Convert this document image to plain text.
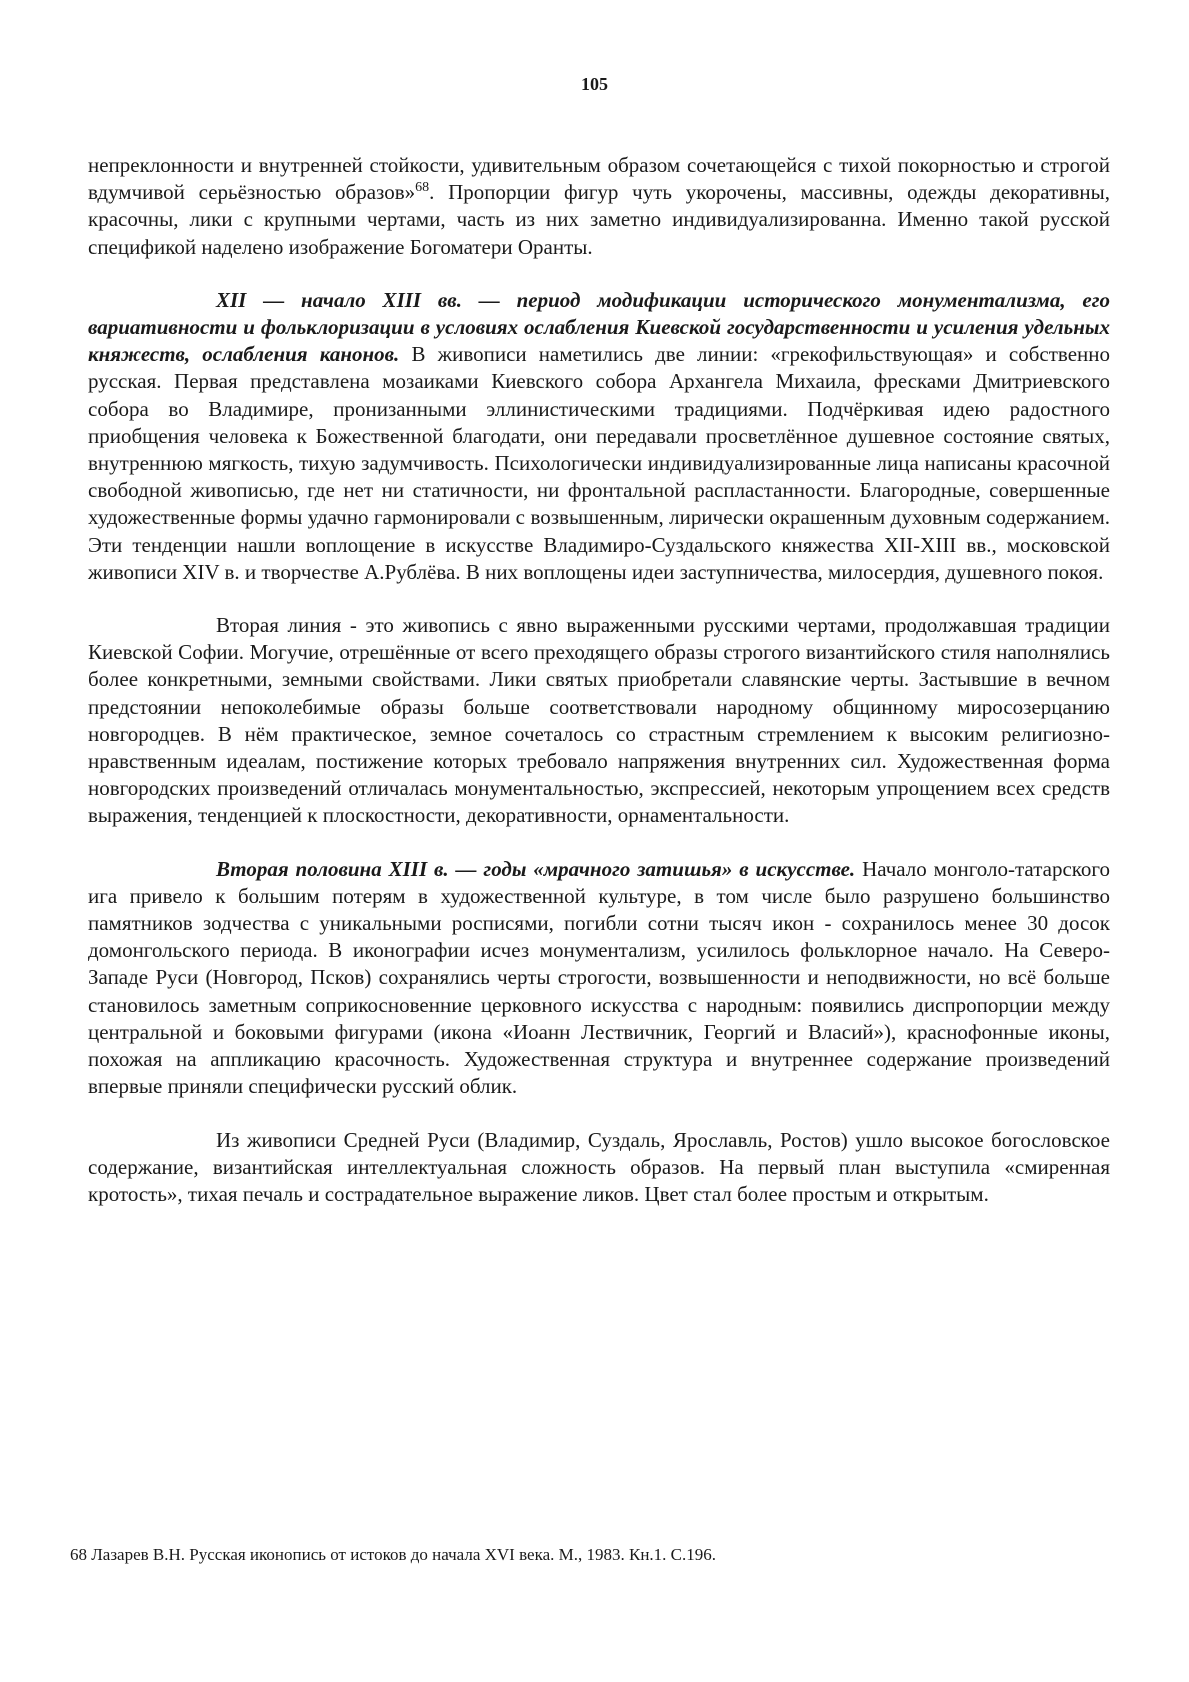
105

непреклонности и внутренней стойкости, удивительным образом сочетающейся с тихой покорностью и строгой вдумчивой серьёзностью образов»$^{68}$. Пропорции фигур чуть укорочены, массивны, одежды декоративны, красочны, лики с крупными чертами, часть из них заметно индивидуализированна. Именно такой русской спецификой наделено изображение Богоматери Оранты.

XII — начало XIII вв. — период модификации исторического монументализма, его вариативности и фольклоризации в условиях ослабления Киевской государственности и усиления удельных княжеств, ослабления канонов. В живописи наметились две линии: «грекофильствующая» и собственно русская. Первая представлена мозаиками Киевского собора Архангела Михаила, фресками Дмитриевского собора во Владимире, пронизанными эллинистическими традициями. Подчёркивая идею радостного приобщения человека к Божественной благодати, они передавали просветлённое душевное состояние святых, внутреннюю мягкость, тихую задумчивость. Психологически индивидуализированные лица написаны красочной свободной живописью, где нет ни статичности, ни фронтальной распластанности. Благородные, совершенные художественные формы удачно гармонировали с возвышенным, лирически окрашенным духовным содержанием. Эти тенденции нашли воплощение в искусстве Владимиро-Суздальского княжества XII-XIII вв., московской живописи XIV в. и творчестве А.Рублёва. В них воплощены идеи заступничества, милосердия, душевного покоя.

Вторая линия - это живопись с явно выраженными русскими чертами, продолжавшая традиции Киевской Софии. Могучие, отрешённые от всего преходящего образы строгого византийского стиля наполнялись более конкретными, земными свойствами. Лики святых приобретали славянские черты. Застывшие в вечном предстоянии непоколебимые образы больше соответствовали народному общинному миросозерцанию новгородцев. В нём практическое, земное сочеталось со страстным стремлением к высоким религиозно-нравственным идеалам, постижение которых требовало напряжения внутренних сил. Художественная форма новгородских произведений отличалась монументальностью, экспрессией, некоторым упрощением всех средств выражения, тенденцией к плоскостности, декоративности, орнаментальности.

Вторая половина XIII в. — годы «мрачного затишья» в искусстве. Начало монголо-татарского ига привело к большим потерям в художественной культуре, в том числе было разрушено большинство памятников зодчества с уникальными росписями, погибли сотни тысяч икон - сохранилось менее 30 досок домонгольского периода. В иконографии исчез монументализм, усилилось фольклорное начало. На Северо-Западе Руси (Новгород, Псков) сохранялись черты строгости, возвышенности и неподвижности, но всё больше становилось заметным соприкосновенние церковного искусства с народным: появились диспропорции между центральной и боковыми фигурами (икона «Иоанн Лествичник, Георгий и Власий»), краснофонные иконы, похожая на аппликацию красочность. Художественная структура и внутреннее содержание произведений впервые приняли специфически русский облик.

Из живописи Средней Руси (Владимир, Суздаль, Ярославль, Ростов) ушло высокое богословское содержание, византийская интеллектуальная сложность образов. На первый план выступила «смиренная кротость», тихая печаль и сострадательное выражение ликов. Цвет стал более простым и открытым.

68 Лазарев В.Н. Русская иконопись от истоков до начала XVI века. М., 1983. Кн.1. С.196.
